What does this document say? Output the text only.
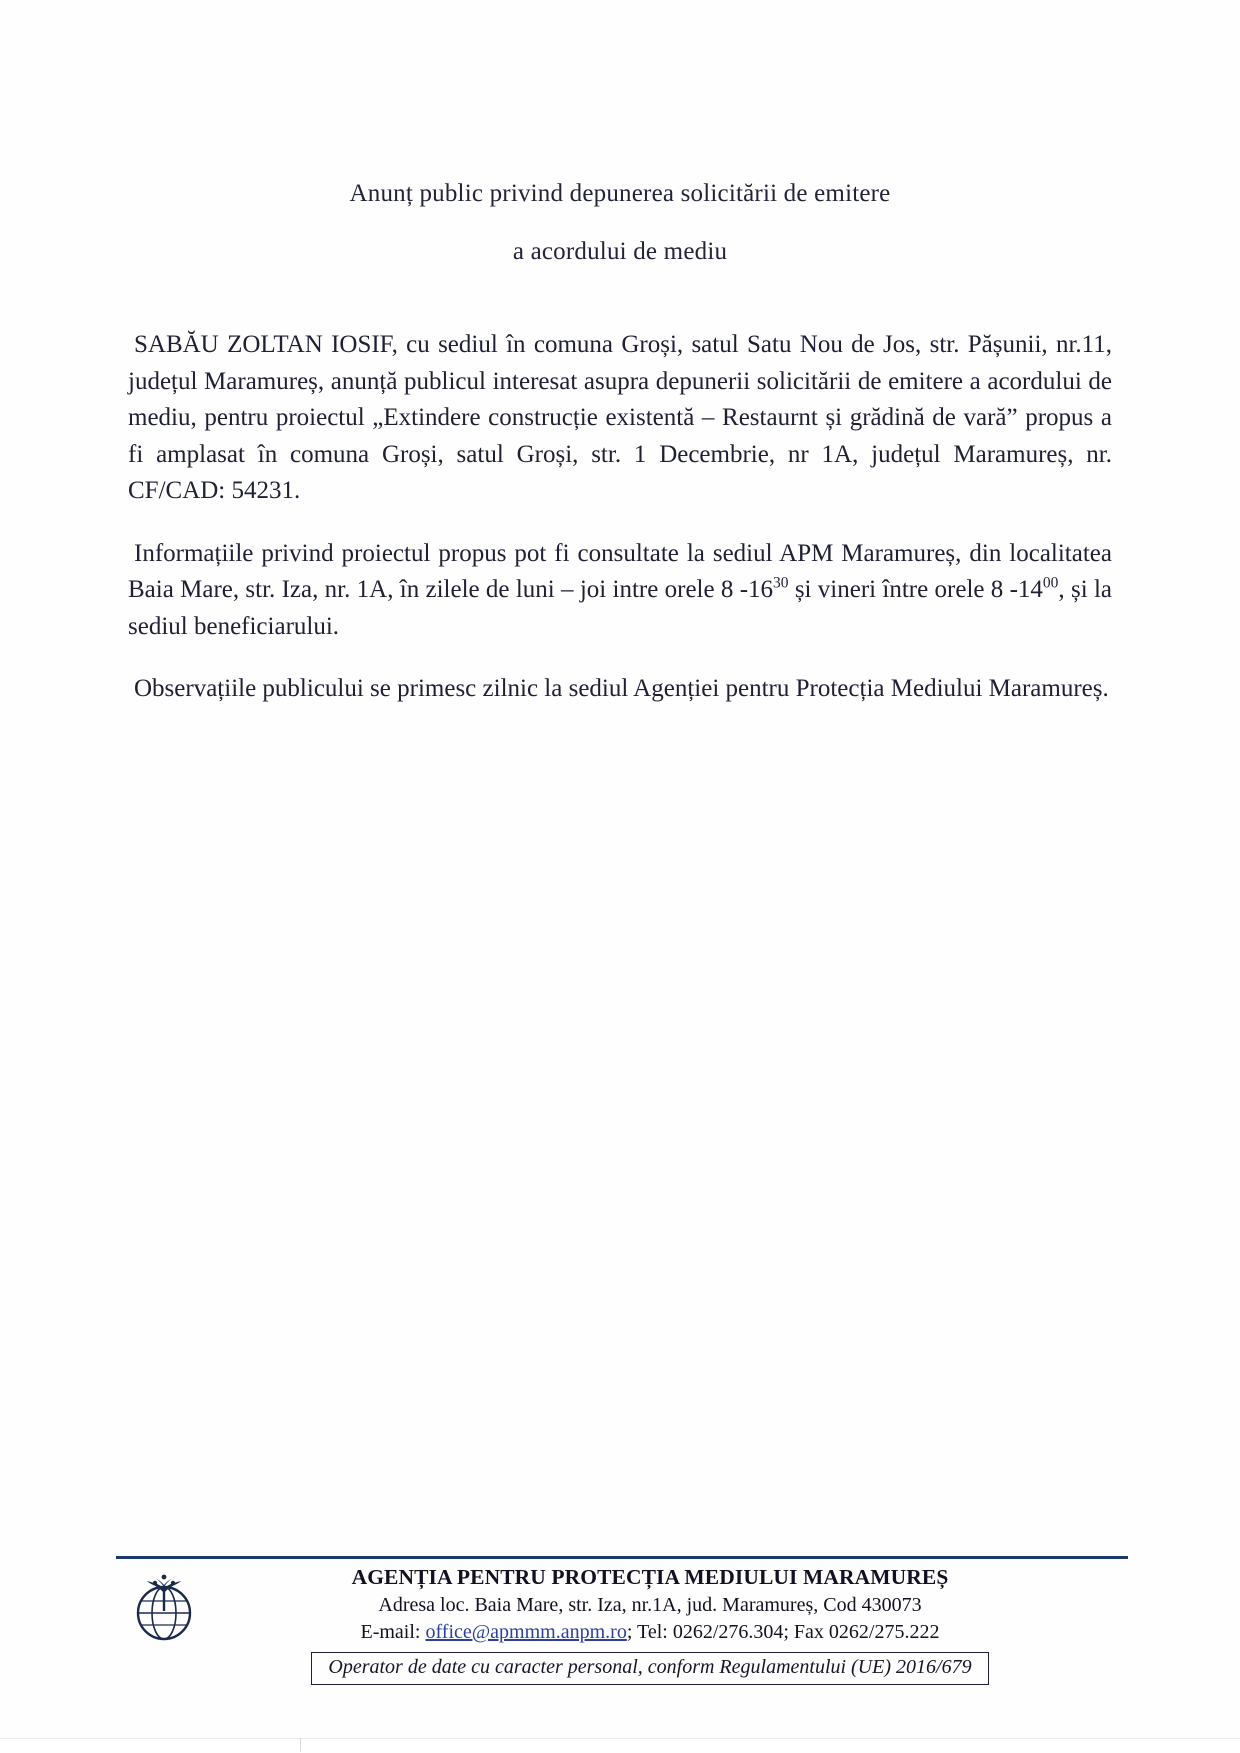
Anunț public privind depunerea solicitării de emitere
a acordului de mediu

SABĂU ZOLTAN IOSIF, cu sediul în comuna Groși, satul Satu Nou de Jos, str. Pășunii, nr.11, județul Maramureș, anunță publicul interesat asupra depunerii solicitării de emitere a acordului de mediu, pentru proiectul „Extindere construcție existentă – Restaurnt și grădină de vară” propus a fi amplasat în comuna Groși, satul Groși, str. 1 Decembrie, nr 1A, județul Maramureș, nr. CF/CAD: 54231.

Informațiile privind proiectul propus pot fi consultate la sediul APM Maramureș, din localitatea Baia Mare, str. Iza, nr. 1A, în zilele de luni – joi intre orele 8 $-16^{30}$ și vineri între orele 8 $-14^{00}$, și la sediul beneficiarului.

Observațiile publicului se primesc zilnic la sediul Agenției pentru Protecția Mediului Maramureș.

AGENȚIA PENTRU PROTECȚIA MEDIULUI MARAMUREȘ
Adresa loc. Baia Mare, str. Iza, nr.1A, jud. Maramureș, Cod 430073
E-mail: office@apmmm.anpm.ro; Tel: 0262/276.304; Fax 0262/275.222
Operator de date cu caracter personal, conform Regulamentului (UE) 2016/679
